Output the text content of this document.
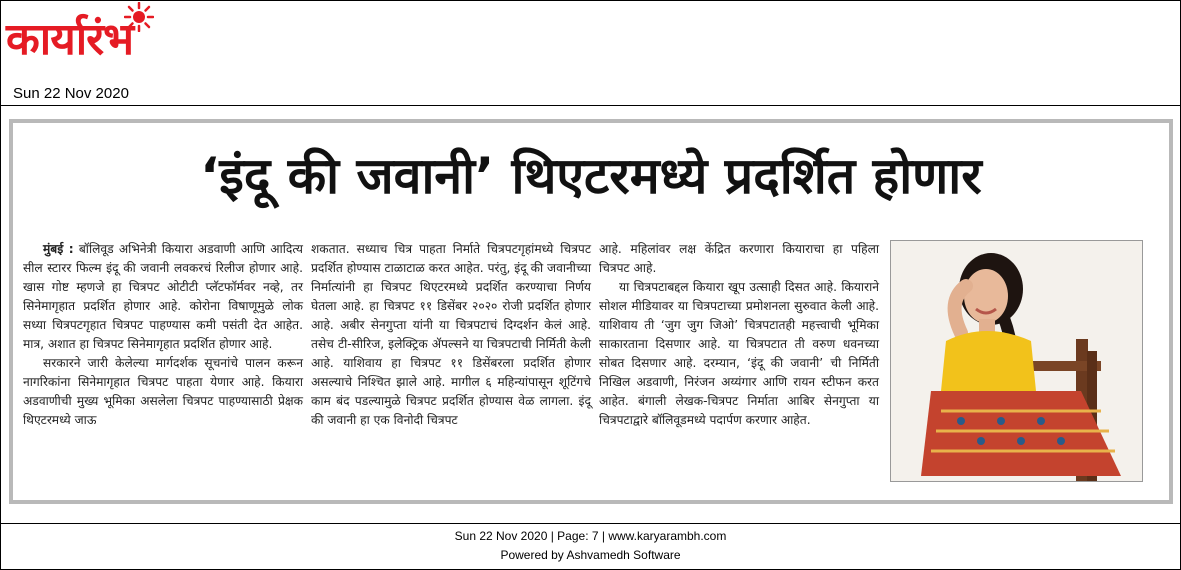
कार्यारंभ
Sun 22 Nov 2020
‘इंदू की जवानी’ थिएटरमध्ये प्रदर्शित होणार

मुंबई : बॉलिवूड अभिनेत्री कियारा अडवाणी आणि आदित्य सील स्टारर फिल्म इंदू की जवानी लवकरचं रिलीज होणार आहे. खास गोष्ट म्हणजे हा चित्रपट ओटीटी प्लॅटफॉर्मवर नव्हे, तर सिनेमागृहात प्रदर्शित होणार आहे. कोरोना विषाणूमुळे लोक सध्या चित्रपटगृहात चित्रपट पाहण्यास कमी पसंती देत आहेत. मात्र, अशात हा चित्रपट सिनेमागृहात प्रदर्शित होणार आहे.

सरकारने जारी केलेल्या मार्गदर्शक सूचनांचे पालन करून नागरिकांना सिनेमागृहात चित्रपट पाहता येणार आहे. कियारा अडवाणीची मुख्य भूमिका असलेला चित्रपट पाहण्यासाठी प्रेक्षक थिएटरमध्ये जाऊ

शकतात. सध्याच चित्र पाहता निर्माते चित्रपटगृहांमध्ये चित्रपट प्रदर्शित होण्यास टाळाटाळ करत आहेत. परंतु, इंदू की जवानीच्या निर्मात्यांनी हा चित्रपट थिएटरमध्ये प्रदर्शित करण्याचा निर्णय घेतला आहे. हा चित्रपट ११ डिसेंबर २०२० रोजी प्रदर्शित होणार आहे. अबीर सेनगुप्ता यांनी या चित्रपटाचं दिग्दर्शन केलं आहे. तसेच टी-सीरिज, इलेक्ट्रिक ॲपल्सने या चित्रपटाची निर्मिती केली आहे. याशिवाय हा चित्रपट ११ डिसेंबरला प्रदर्शित होणार असल्याचे निश्चित झाले आहे. मागील ६ महिन्यांपासून शूटिंगचे काम बंद पडल्यामुळे चित्रपट प्रदर्शित होण्यास वेळ लागला. इंदू की जवानी हा एक विनोदी चित्रपट

आहे. महिलांवर लक्ष केंद्रित करणारा कियाराचा हा पहिला चित्रपट आहे.

या चित्रपटाबद्दल कियारा खूप उत्साही दिसत आहे. कियाराने सोशल मीडियावर या चित्रपटाच्या प्रमोशनला सुरुवात केली आहे. याशिवाय ती ‘जुग जुग जिओ’ चित्रपटातही महत्त्वाची भूमिका साकारताना दिसणार आहे. या चित्रपटात ती वरुण धवनच्या सोबत दिसणार आहे. दरम्यान, ‘इंदू की जवानी’ ची निर्मिती निखिल अडवाणी, निरंजन अय्यंगार आणि रायन स्टीफन करत आहेत. बंगाली लेखक-चित्रपट निर्माता आबिर सेनगुप्ता या चित्रपटाद्वारे बॉलिवूडमध्ये पदार्पण करणार आहेत.

Sun 22 Nov 2020 | Page: 7 | www.karyarambh.com
Powered by Ashvamedh Software
